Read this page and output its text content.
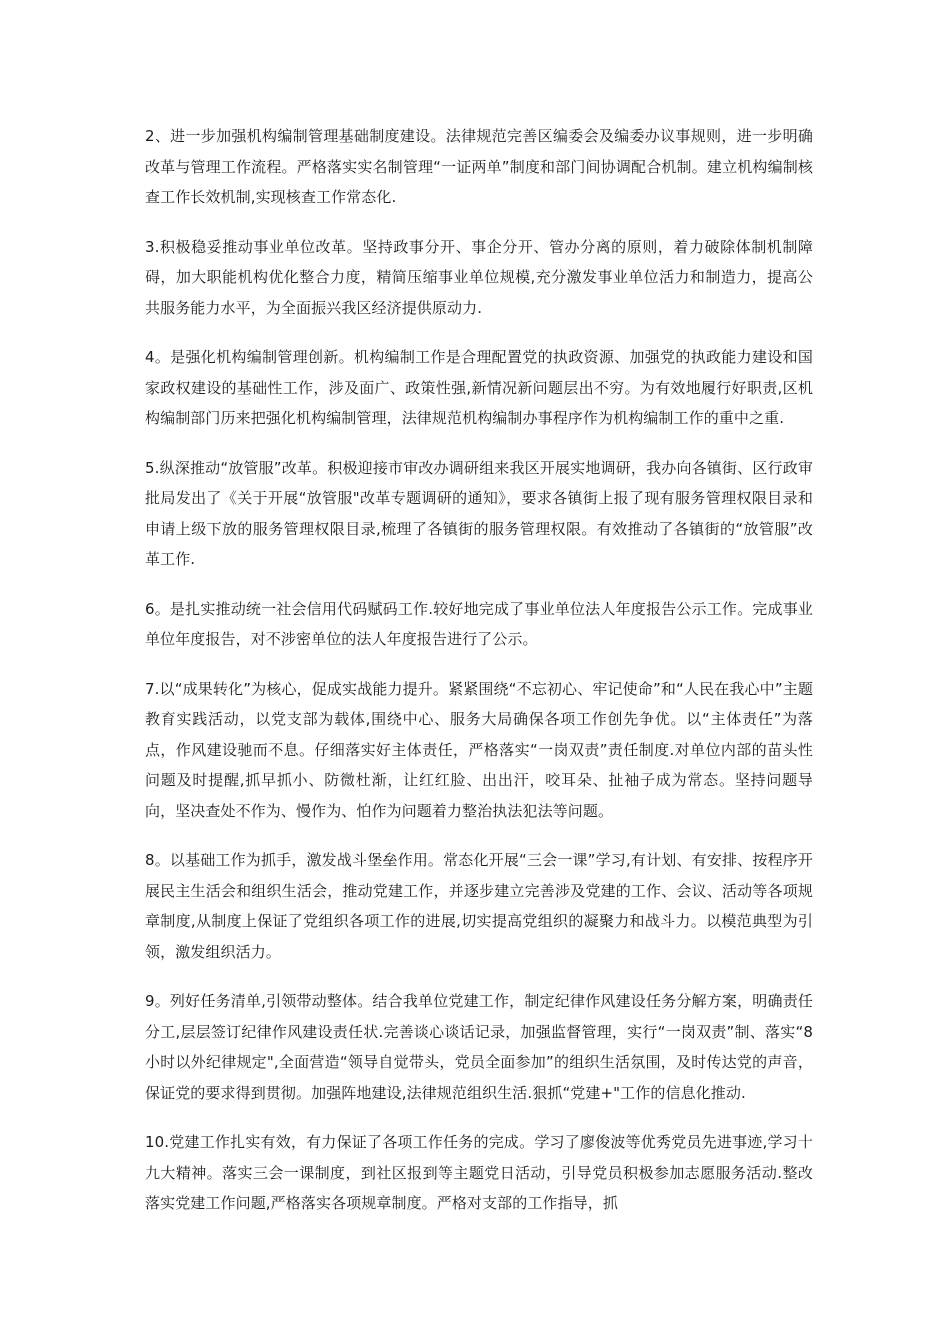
2、进一步加强机构编制管理基础制度建设。法律规范完善区编委会及编委办议事规则，进一步明确改革与管理工作流程。严格落实实名制管理“一证两单”制度和部门间协调配合机制。建立机构编制核查工作长效机制,实现核查工作常态化.

3.积极稳妥推动事业单位改革。坚持政事分开、事企分开、管办分离的原则，着力破除体制机制障碍，加大职能机构优化整合力度，精简压缩事业单位规模,充分激发事业单位活力和制造力，提高公共服务能力水平，为全面振兴我区经济提供原动力.

4。是强化机构编制管理创新。机构编制工作是合理配置党的执政资源、加强党的执政能力建设和国家政权建设的基础性工作，涉及面广、政策性强,新情况新问题层出不穷。为有效地履行好职责,区机构编制部门历来把强化机构编制管理，法律规范机构编制办事程序作为机构编制工作的重中之重.

5.纵深推动“放管服”改革。积极迎接市审改办调研组来我区开展实地调研，我办向各镇街、区行政审批局发出了《关于开展“放管服"改革专题调研的通知》，要求各镇街上报了现有服务管理权限目录和申请上级下放的服务管理权限目录,梳理了各镇街的服务管理权限。有效推动了各镇街的“放管服”改革工作.

6。是扎实推动统一社会信用代码赋码工作.较好地完成了事业单位法人年度报告公示工作。完成事业单位年度报告，对不涉密单位的法人年度报告进行了公示。

7.以“成果转化”为核心，促成实战能力提升。紧紧围绕“不忘初心、牢记使命”和“人民在我心中”主题教育实践活动，以党支部为载体,围绕中心、服务大局确保各项工作创先争优。以“主体责任”为落点，作风建设驰而不息。仔细落实好主体责任，严格落实“一岗双责”责任制度.对单位内部的苗头性问题及时提醒,抓早抓小、防微杜渐，让红红脸、出出汗，咬耳朵、扯袖子成为常态。坚持问题导向，坚决查处不作为、慢作为、怕作为问题着力整治执法犯法等问题。

8。以基础工作为抓手，激发战斗堡垒作用。常态化开展“三会一课”学习,有计划、有安排、按程序开展民主生活会和组织生活会，推动党建工作，并逐步建立完善涉及党建的工作、会议、活动等各项规章制度,从制度上保证了党组织各项工作的进展,切实提高党组织的凝聚力和战斗力。以模范典型为引领，激发组织活力。

9。列好任务清单,引领带动整体。结合我单位党建工作，制定纪律作风建设任务分解方案，明确责任分工,层层签订纪律作风建设责任状.完善谈心谈话记录，加强监督管理，实行“一岗双责”制、落实“8 小时以外纪律规定",全面营造“领导自觉带头，党员全面参加”的组织生活氛围，及时传达党的声音，保证党的要求得到贯彻。加强阵地建设,法律规范组织生活.狠抓“党建+"工作的信息化推动.

10.党建工作扎实有效，有力保证了各项工作任务的完成。学习了廖俊波等优秀党员先进事迹,学习十九大精神。落实三会一课制度，到社区报到等主题党日活动，引导党员积极参加志愿服务活动.整改落实党建工作问题,严格落实各项规章制度。严格对支部的工作指导，抓
